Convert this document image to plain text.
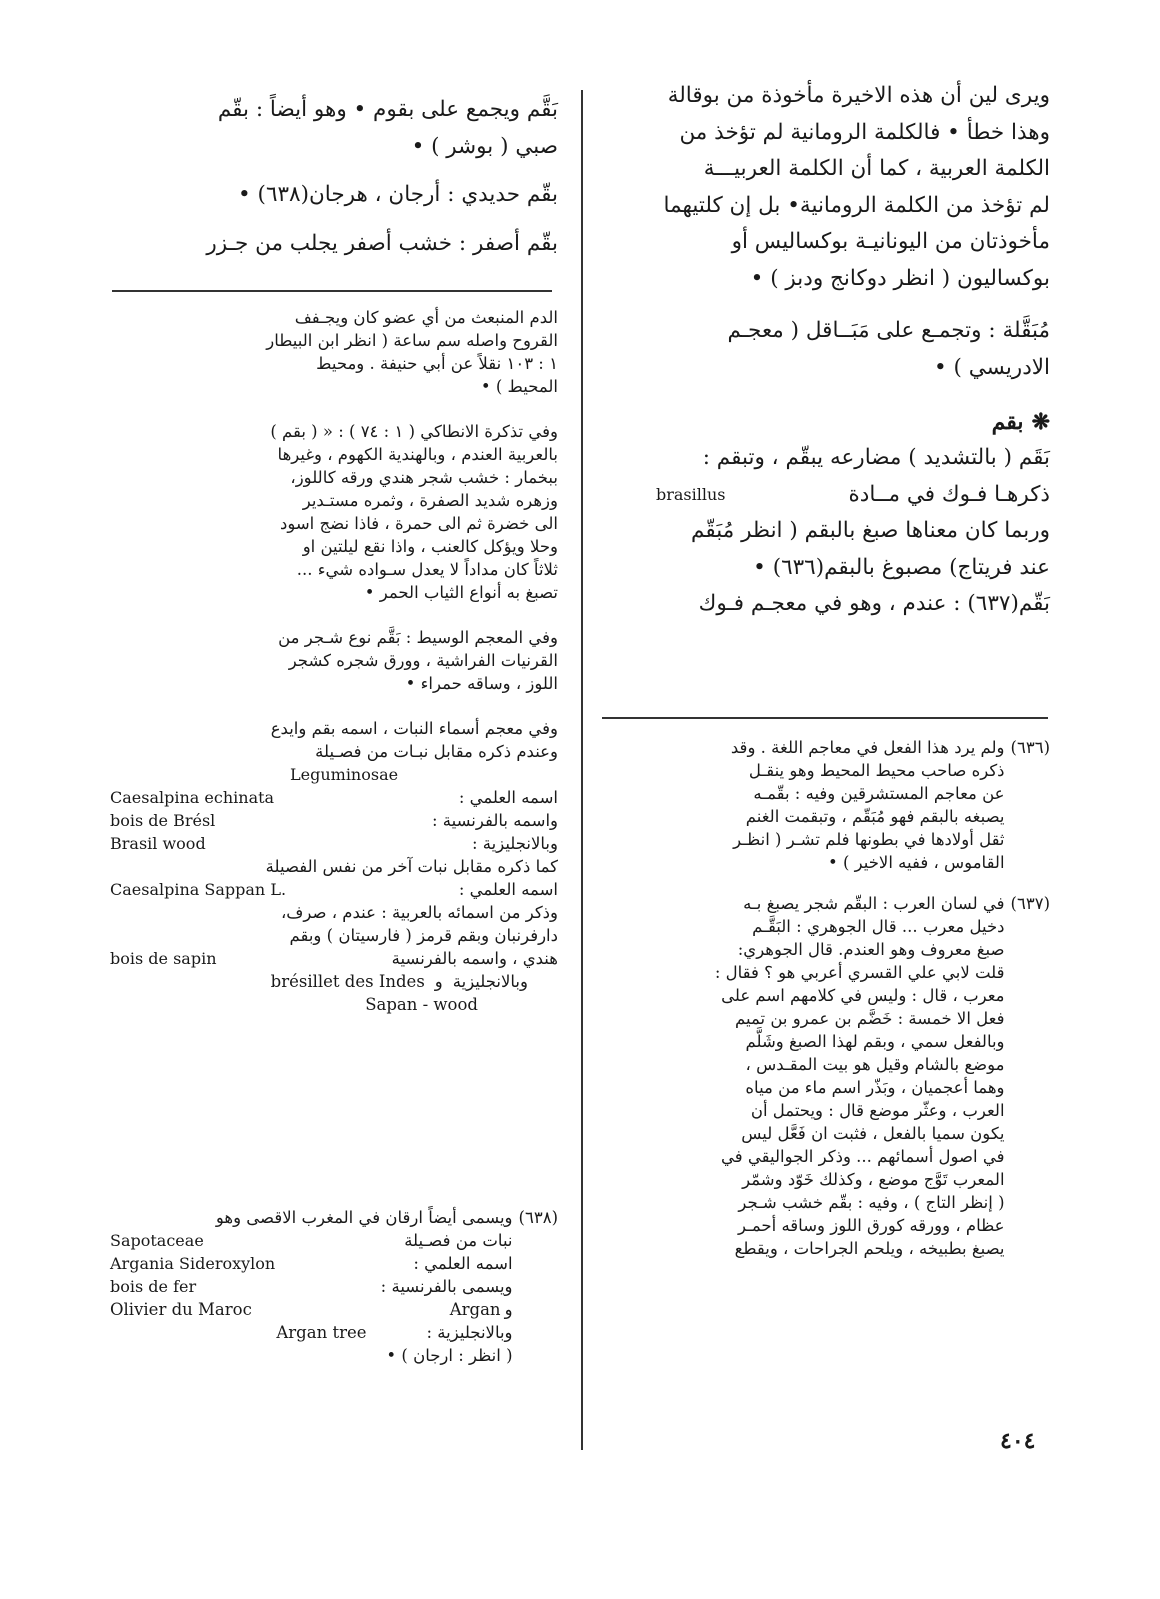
ويرى لين أن هذه الاخيرة مأخوذة من بوقالة

وهذا خطأ • فالكلمة الرومانية لم تؤخذ من

الكلمة العربية ، كما أن الكلمة العربيـــة

لم تؤخذ من الكلمة الرومانية• بل إن كلتيهما

مأخوذتان من اليونانيـة بوكساليس أو

بوكساليون ( انظر دوكانج ودبز ) •

مُبَقَّلة : وتجمـع على مَبَــاقل ( معجـم

الادريسي ) •

❋بقم

بَقَم ( بالتشديد ) مضارعه يبقّم ، وتبقم :

ذكرهـا فـوك في مــادة
brasillus

وربما كان معناها صبغ بالبقم ( انظر مُبَقّم

عند فريتاج) مصبوغ بالبقم(٦٣٦) •

بَقّم(٦٣٧) : عندم ، وهو في معجـم فـوك

(٦٣٦)

ولم يرد هذا الفعل في معاجم اللغة . وقد

ذكره صاحب محيط المحيط وهو ينقـل

عن معاجم المستشرقين وفيه : بقّمـه

يصبغه بالبقم فهو مُبَقّم ، وتبقمت الغنم

ثقل أولادها في بطونها فلم تشـر ( انظـر

القاموس ، ففيه الاخير ) •

(٦٣٧)

في لسان العرب : البقّم شجر يصبغ بـه

دخيل معرب ... قال الجوهري : البَقَّـم

صبغ معروف وهو العندم. قال الجوهري:

قلت لابي علي القسري أعربي هو ؟ فقال :

معرب ، قال : وليس في كلامهم اسم على

فعل الا خمسة : خَضَّم بن عمرو بن تميم

وبالفعل سمي ، وبقم لهذا الصبغ وشَلَّم

موضع بالشام وقيل هو بيت المقـدس ،

وهما أعجميان ، وبَذّر اسم ماء من مياه

العرب ، وعثّر موضع قال : ويحتمل أن

يكون سميا بالفعل ، فثبت ان فَعَّل ليس

في اصول أسمائهم ... وذكر الجواليقي في

المعرب تَوَّج موضع ، وكذلك خَوّد وشمّر

( إنظر التاج ) ، وفيه : بقّم خشب شـجر

عظام ، وورقه كورق اللوز وساقه أحمـر

يصبغ بطبيخه ، ويلحم الجراحات ، ويقطع

بَقَّم ويجمع على بقوم • وهو أيضاً : بقّم

صبي ( بوشر ) •

بقّم حديدي : أرجان ، هرجان(٦٣٨) •

بقّم أصفر : خشب أصفر يجلب من جـزر

الدم المنبعث من أي عضو كان ويجـفف

القروح واصله سم ساعة ( انظر ابن البيطار

١ : ١٠٣ نقلاً عن أبي حنيفة . ومحيط

المحيط ) •

وفي تذكرة الانطاكي ( ١ : ٧٤ ) : « ( بقم )

بالعربية العندم ، وبالهندية الكهوم ، وغيرها

ببخمار : خشب شجر هندي ورقه كاللوز،

وزهره شديد الصفرة ، وثمره مستـدير

الى خضرة ثم الى حمرة ، فاذا نضج اسود

وحلا ويؤكل كالعنب ، واذا نقع ليلتين او

ثلاثاً كان مداداً لا يعدل سـواده شيء ...

تصبغ به أنواع الثياب الحمر •

وفي المعجم الوسيط : بَقَّم نوع شـجر من

القرنيات الفراشية ، وورق شجره كشجر

اللوز ، وساقه حمراء •

وفي معجم أسماء النبات ، اسمه بقم وايدع

وعندم ذكره مقابل نبـات من فصـيلة

Leguminosae

اسمه العلمي :
Caesalpina echinata
واسمه بالفرنسية :
bois de Brésl
وبالانجليزية :
Brasil wood

كما ذكره مقابل نبات آخر من نفس الفصيلة

اسمه العلمي :
Caesalpina Sappan L.

وذكر من اسمائه بالعربية : عندم ، صرف،

دارفرنبان وبقم قرمز ( فارسيتان ) وبقم

هندي ، واسمه بالفرنسية
bois de sapin
وبالانجليزية
و
brésillet des Indes

Sapan - wood

(٦٣٨)

ويسمى أيضاً ارقان في المغرب الاقصى وهو

نبات من فصـيلة
Sapotaceae
اسمه العلمي :
Argania Sideroxylon
ويسمى بالفرنسية :
bois de fer
و
Argan
Olivier du Maroc
وبالانجليزية :
Argan tree

( انظر : ارجان ) •

٤٠٤
